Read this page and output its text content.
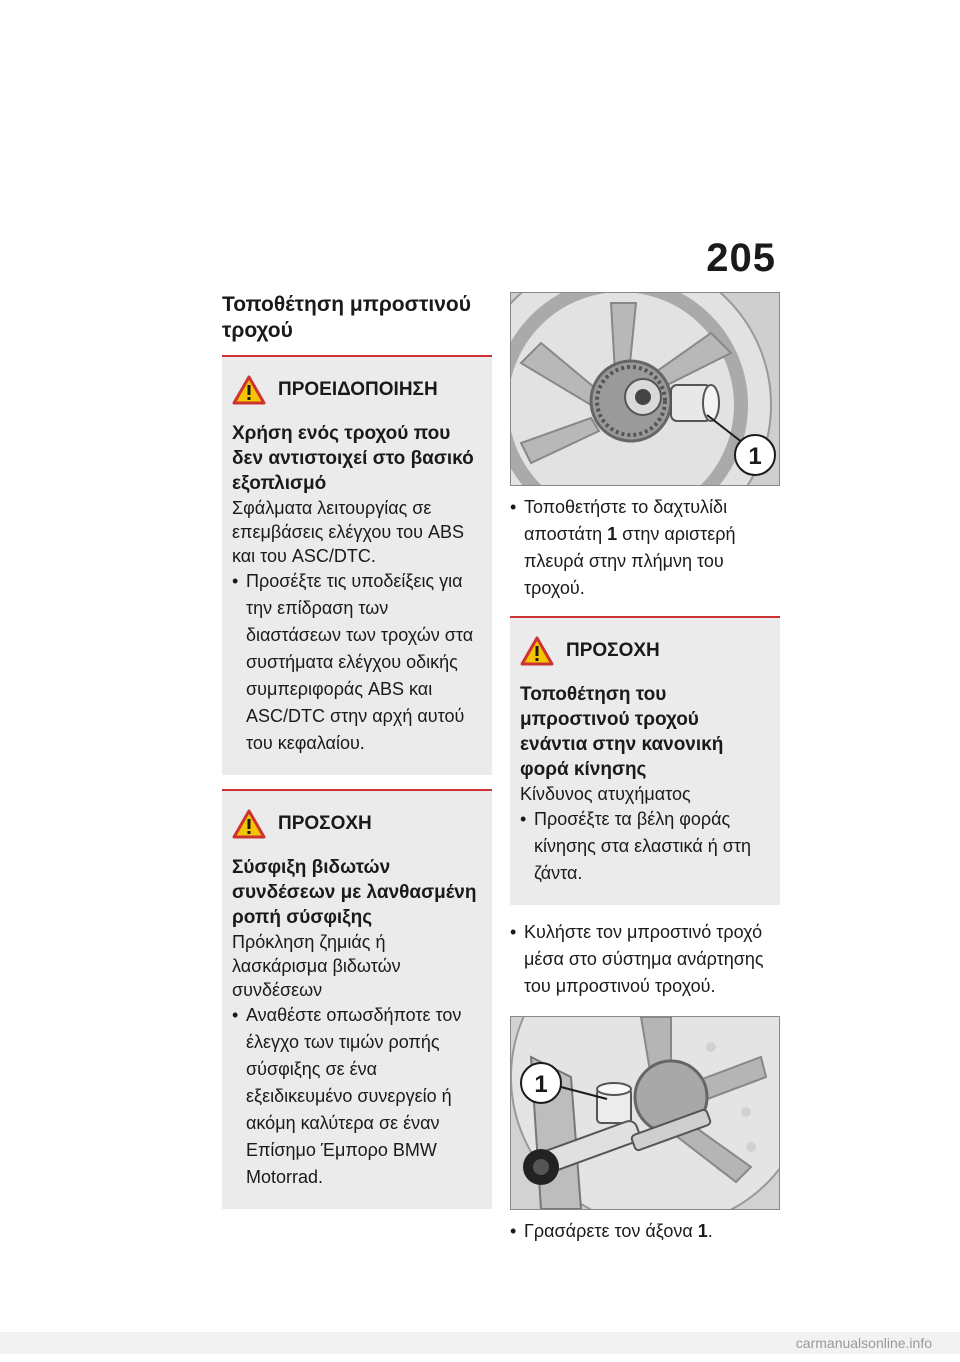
205
Τοποθέτηση μπροστινού τροχού
ΠΡΟΕΙΔΟΠΟΙΗΣΗ

Χρήση ενός τροχού που δεν αντιστοιχεί στο βασικό εξοπλισμό

Σφάλματα λειτουργίας σε επεμβάσεις ελέγχου του ABS και του ASC/DTC.

• Προσέξτε τις υποδείξεις για την επίδραση των διαστάσεων των τροχών στα συστήματα ελέγχου οδικής συμπεριφοράς ABS και ASC/DTC στην αρχή αυτού του κεφαλαίου.
ΠΡΟΣΟΧΗ

Σύσφιξη βιδωτών συνδέσεων με λανθασμένη ροπή σύσφιξης

Πρόκληση ζημιάς ή λασκάρισμα βιδωτών συνδέσεων

• Αναθέστε οπωσδήποτε τον έλεγχο των τιμών ροπής σύσφιξης σε ένα εξειδικευμένο συνεργείο ή ακόμη καλύτερα σε έναν Επίσημο Έμπορο BMW Motorrad.
1
• Τοποθετήστε το δαχτυλίδι αποστάτη 1 στην αριστερή πλευρά στην πλήμνη του τροχού.
ΠΡΟΣΟΧΗ

Τοποθέτηση του μπροστινού τροχού ενάντια στην κανονική φορά κίνησης

Κίνδυνος ατυχήματος

• Προσέξτε τα βέλη φοράς κίνησης στα ελαστικά ή στη ζάντα.
• Κυλήστε τον μπροστινό τροχό μέσα στο σύστημα ανάρτησης του μπροστινού τροχού.
1
• Γρασάρετε τον άξονα 1.
carmanualsonline.info
